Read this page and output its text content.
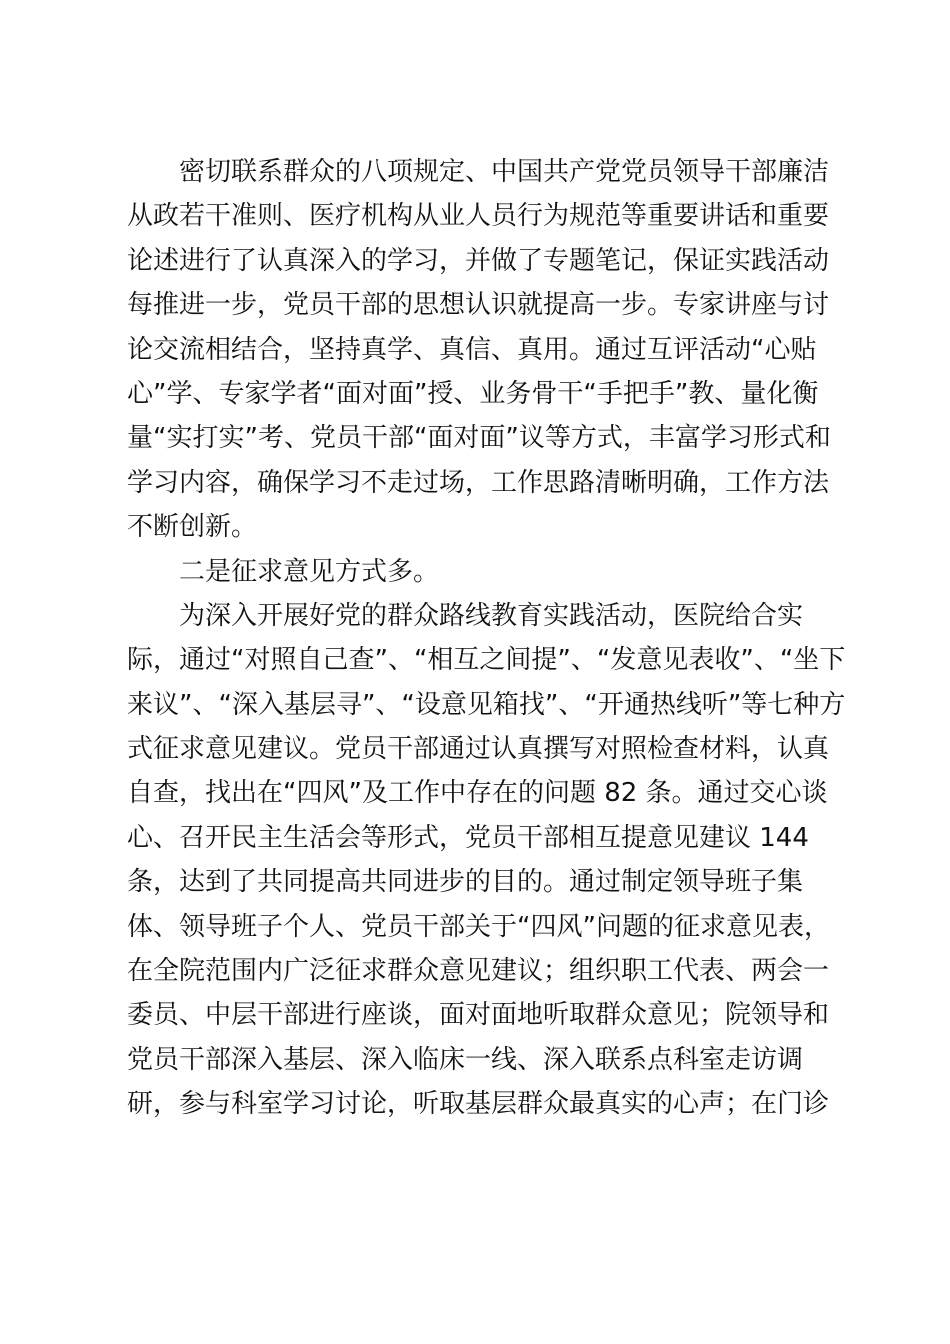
密切联系群众的八项规定、中国共产党党员领导干部廉洁
从政若干准则、医疗机构从业人员行为规范等重要讲话和重要
论述进行了认真深入的学习，并做了专题笔记，保证实践活动
每推进一步，党员干部的思想认识就提高一步。专家讲座与讨
论交流相结合，坚持真学、真信、真用。通过互评活动“心贴
心”学、专家学者“面对面”授、业务骨干“手把手”教、量化衡
量“实打实”考、党员干部“面对面”议等方式，丰富学习形式和
学习内容，确保学习不走过场，工作思路清晰明确，工作方法
不断创新。
二是征求意见方式多。
为深入开展好党的群众路线教育实践活动，医院给合实
际，通过“对照自己查”、“相互之间提”、“发意见表收”、“坐下
来议”、“深入基层寻”、“设意见箱找”、“开通热线听”等七种方
式征求意见建议。党员干部通过认真撰写对照检查材料，认真
自查，找出在“四风”及工作中存在的问题 82 条。通过交心谈
心、召开民主生活会等形式，党员干部相互提意见建议 144
条，达到了共同提高共同进步的目的。通过制定领导班子集
体、领导班子个人、党员干部关于“四风”问题的征求意见表，
在全院范围内广泛征求群众意见建议；组织职工代表、两会一
委员、中层干部进行座谈，面对面地听取群众意见；院领导和
党员干部深入基层、深入临床一线、深入联系点科室走访调
研，参与科室学习讨论，听取基层群众最真实的心声；在门诊
